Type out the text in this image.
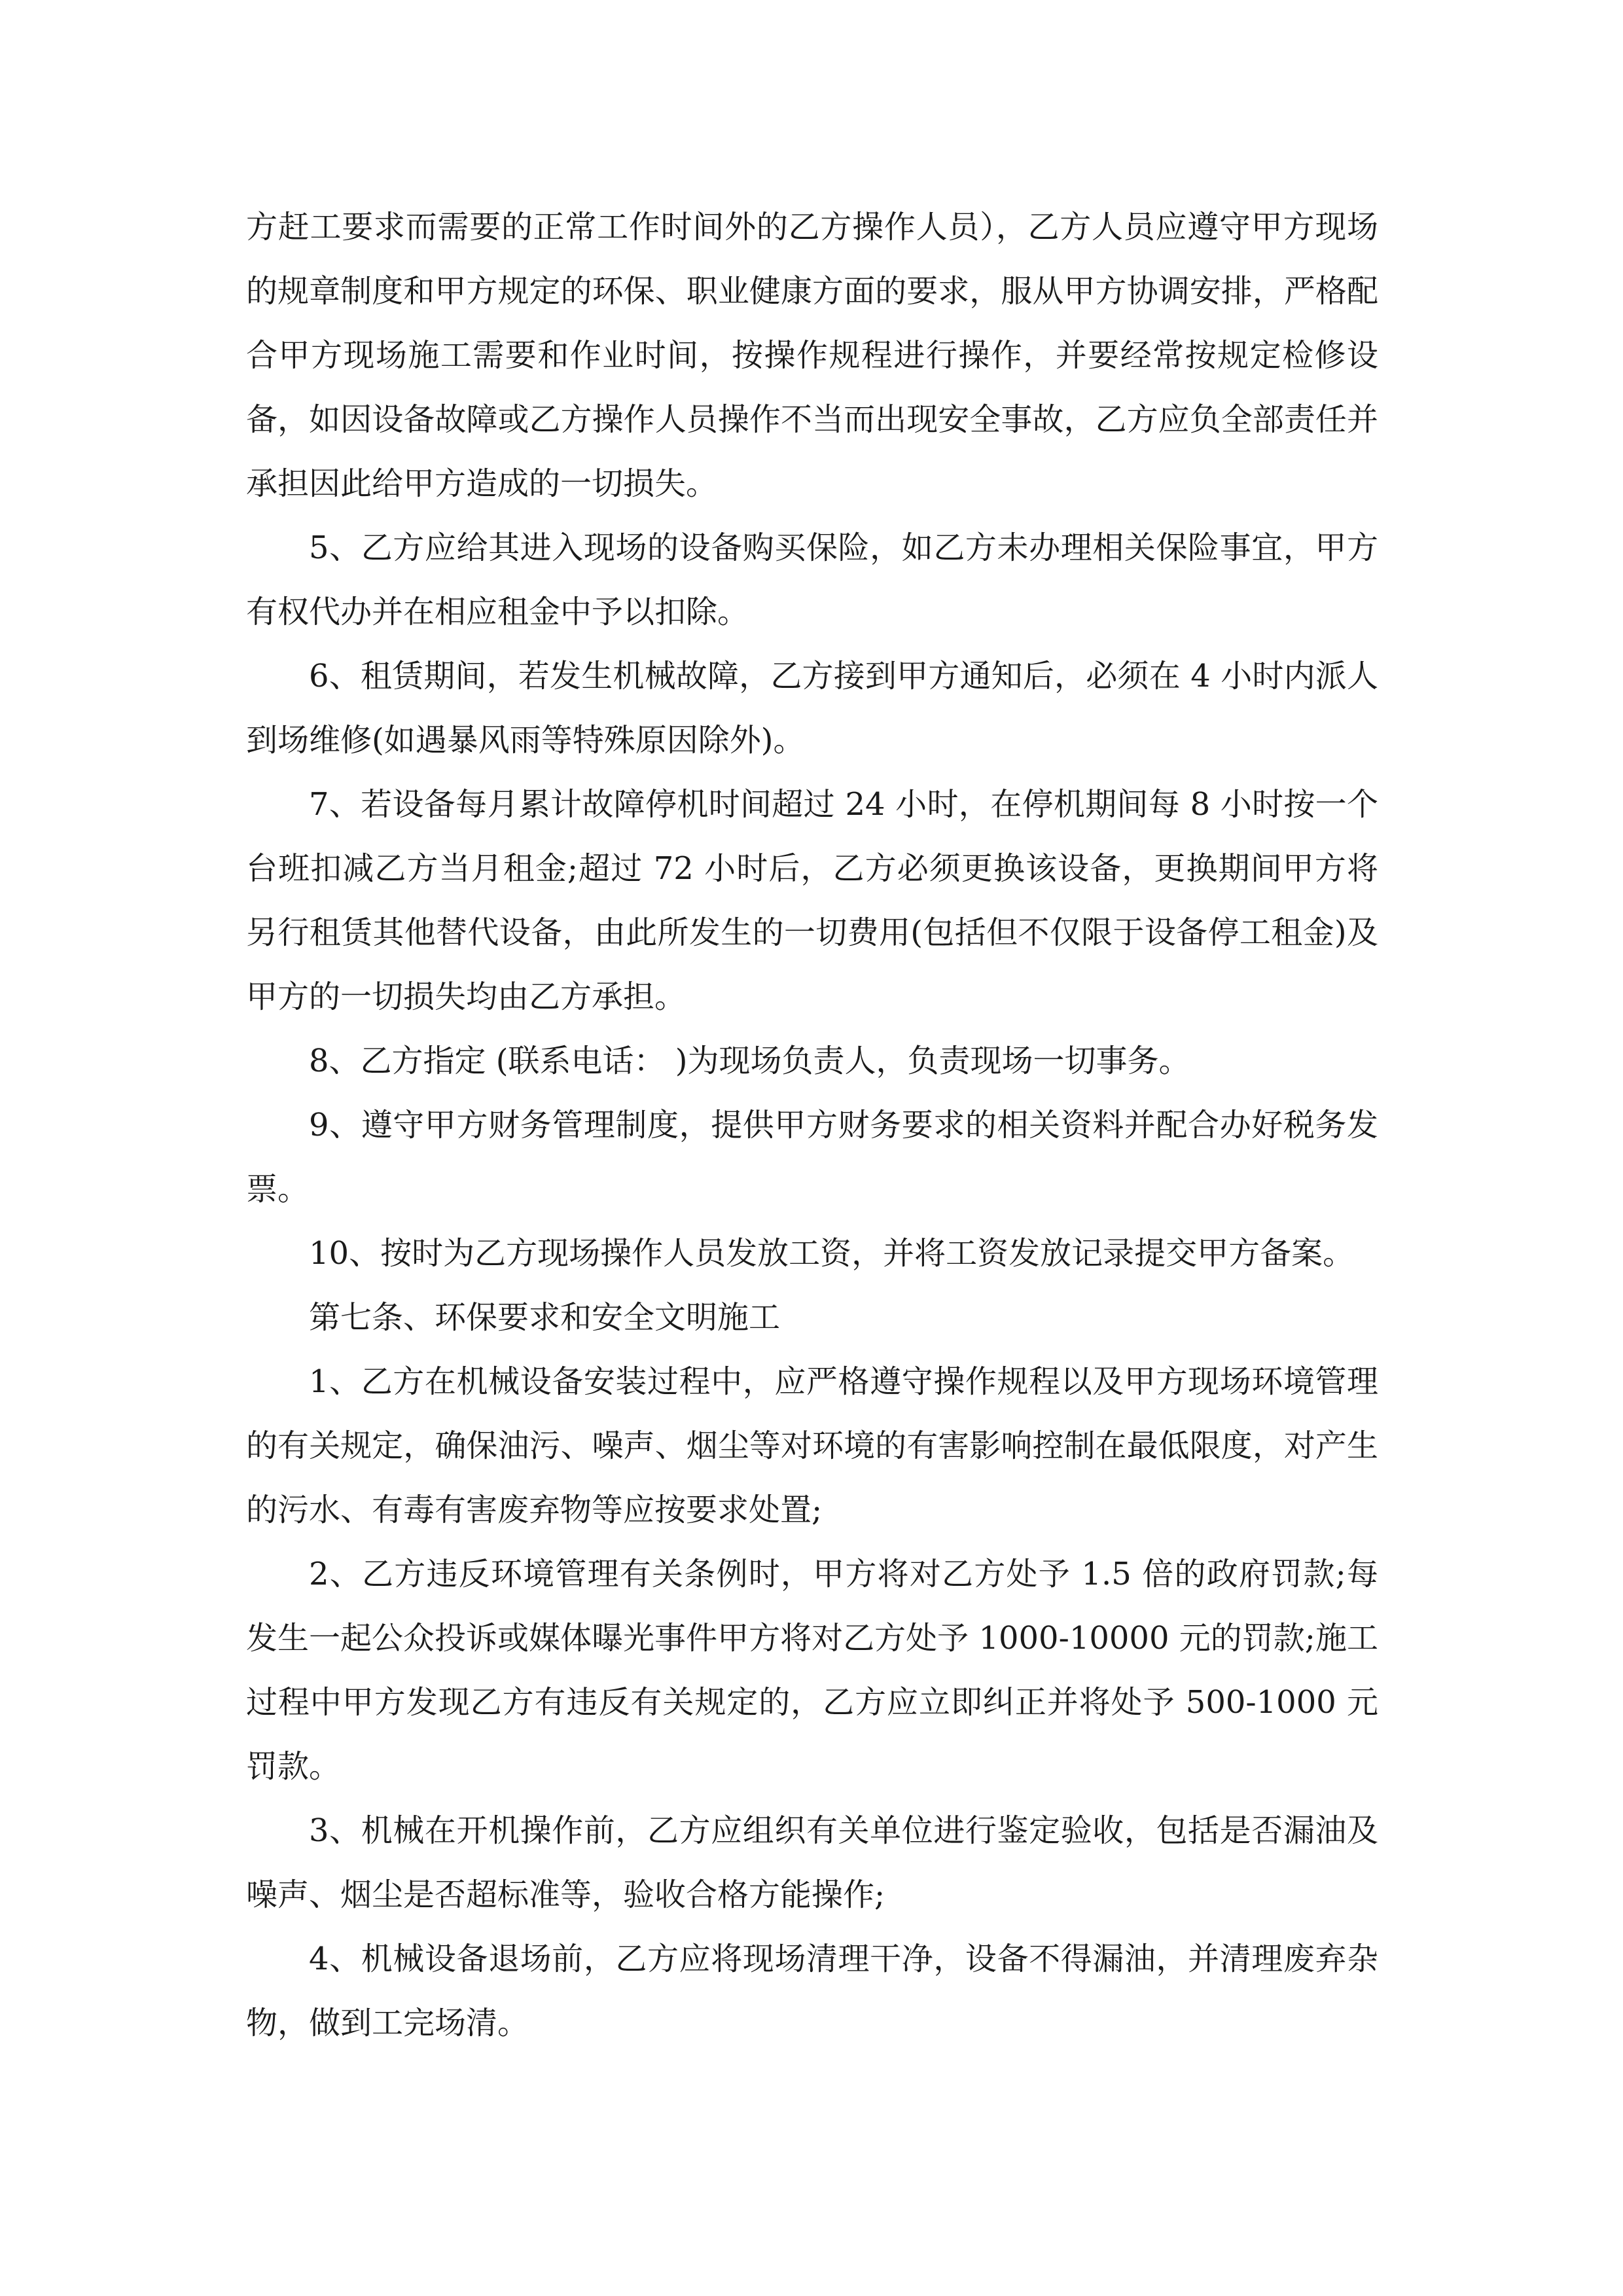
方赶工要求而需要的正常工作时间外的乙方操作人员），乙方人员应遵守甲方现场的规章制度和甲方规定的环保、职业健康方面的要求，服从甲方协调安排，严格配合甲方现场施工需要和作业时间，按操作规程进行操作，并要经常按规定检修设备，如因设备故障或乙方操作人员操作不当而出现安全事故，乙方应负全部责任并承担因此给甲方造成的一切损失。

5、乙方应给其进入现场的设备购买保险，如乙方未办理相关保险事宜，甲方有权代办并在相应租金中予以扣除。

6、租赁期间，若发生机械故障，乙方接到甲方通知后，必须在 4 小时内派人到场维修(如遇暴风雨等特殊原因除外)。

7、若设备每月累计故障停机时间超过 24 小时，在停机期间每 8 小时按一个台班扣减乙方当月租金;超过 72 小时后，乙方必须更换该设备，更换期间甲方将另行租赁其他替代设备，由此所发生的一切费用(包括但不仅限于设备停工租金)及甲方的一切损失均由乙方承担。

8、乙方指定 (联系电话： )为现场负责人，负责现场一切事务。

9、遵守甲方财务管理制度，提供甲方财务要求的相关资料并配合办好税务发票。

10、按时为乙方现场操作人员发放工资，并将工资发放记录提交甲方备案。

第七条、环保要求和安全文明施工

1、乙方在机械设备安装过程中，应严格遵守操作规程以及甲方现场环境管理的有关规定，确保油污、噪声、烟尘等对环境的有害影响控制在最低限度，对产生的污水、有毒有害废弃物等应按要求处置;

2、乙方违反环境管理有关条例时，甲方将对乙方处予 1.5 倍的政府罚款;每发生一起公众投诉或媒体曝光事件甲方将对乙方处予 1000-10000 元的罚款;施工过程中甲方发现乙方有违反有关规定的，乙方应立即纠正并将处予 500-1000 元罚款。

3、机械在开机操作前，乙方应组织有关单位进行鉴定验收，包括是否漏油及噪声、烟尘是否超标准等，验收合格方能操作;

4、机械设备退场前，乙方应将现场清理干净，设备不得漏油，并清理废弃杂物，做到工完场清。
